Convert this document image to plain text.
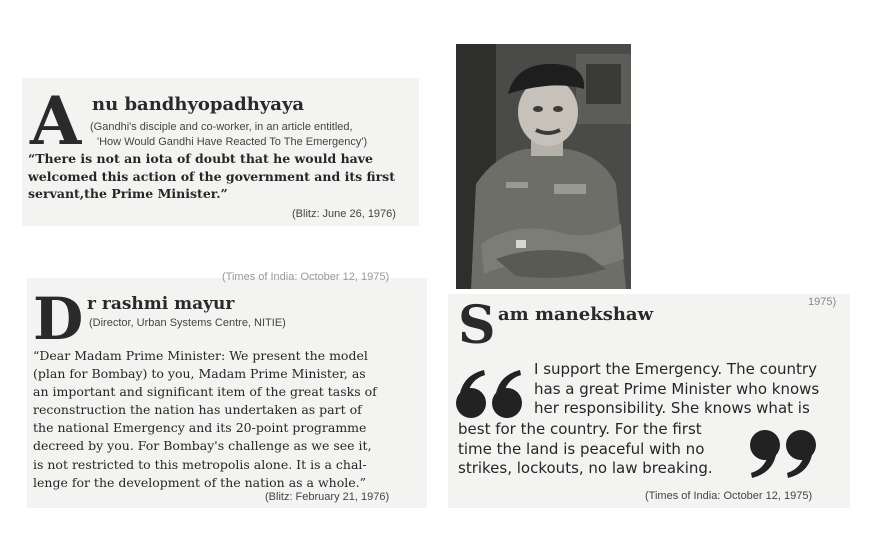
A nu bandhyopadhyaya
(Gandhi's disciple and co-worker, in an article entitled,
'How Would Gandhi Have Reacted To The Emergency')
“There is not an iota of doubt that he would have
welcomed this action of the government and its first
servant,the Prime Minister.”
(Blitz: June 26, 1976)
(Times of India: October 12, 1975)
D r rashmi mayur
(Director, Urban Systems Centre, NITIE)
“Dear Madam Prime Minister: We present the model
(plan for Bombay) to you, Madam Prime Minister, as
an important and significant item of the great tasks of
reconstruction the nation has undertaken as part of
the national Emergency and its 20-point programme
decreed by you. For Bombay's challenge as we see it,
is not restricted to this metropolis alone. It is a chal-
lenge for the development of the nation as a whole.”
(Blitz: February 21, 1976)
1975)
S am manekshaw
I support the Emergency. The country
has a great Prime Minister who knows
her responsibility. She knows what is
best for the country. For the first
time the land is peaceful with no
strikes, lockouts, no law breaking.
(Times of India: October 12, 1975)
